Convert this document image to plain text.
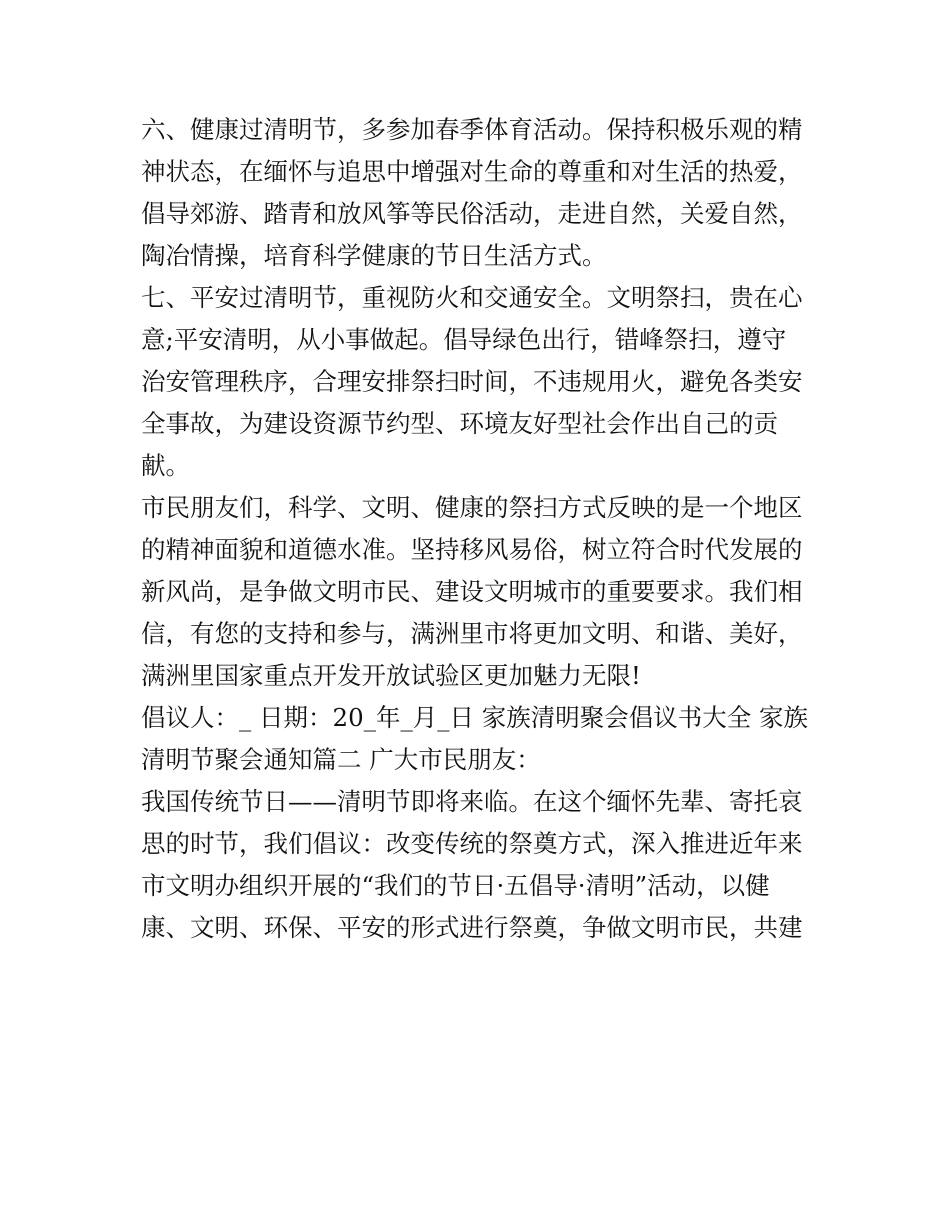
六、健康过清明节，多参加春季体育活动。保持积极乐观的精
神状态，在缅怀与追思中增强对生命的尊重和对生活的热爱，
倡导郊游、踏青和放风筝等民俗活动，走进自然，关爱自然，
陶冶情操，培育科学健康的节日生活方式。
七、平安过清明节，重视防火和交通安全。文明祭扫，贵在心
意;平安清明，从小事做起。倡导绿色出行，错峰祭扫，遵守
治安管理秩序，合理安排祭扫时间，不违规用火，避免各类安
全事故，为建设资源节约型、环境友好型社会作出自己的贡
献。
市民朋友们，科学、文明、健康的祭扫方式反映的是一个地区
的精神面貌和道德水准。坚持移风易俗，树立符合时代发展的
新风尚，是争做文明市民、建设文明城市的重要要求。我们相
信，有您的支持和参与，满洲里市将更加文明、和谐、美好，
满洲里国家重点开发开放试验区更加魅力无限!
倡议人：_ 日期：20_年_月_日 家族清明聚会倡议书大全 家族
清明节聚会通知篇二 广大市民朋友：
我国传统节日——清明节即将来临。在这个缅怀先辈、寄托哀
思的时节，我们倡议：改变传统的祭奠方式，深入推进近年来
市文明办组织开展的“我们的节日·五倡导·清明”活动，以健
康、文明、环保、平安的形式进行祭奠，争做文明市民，共建
